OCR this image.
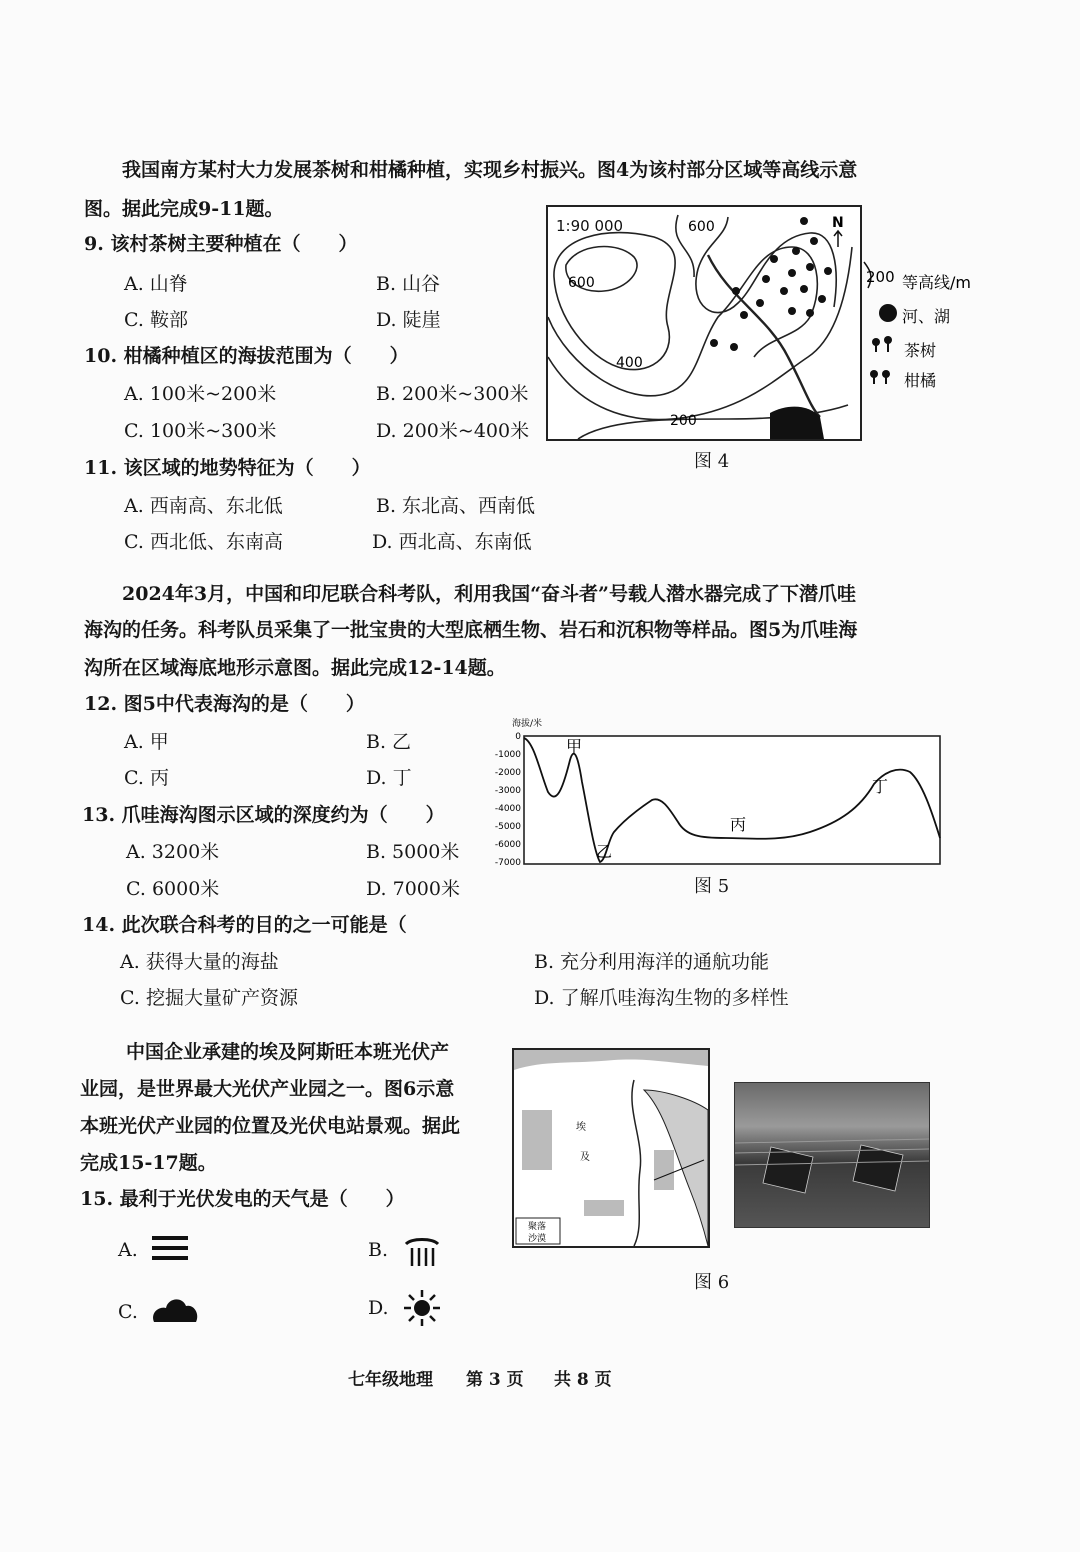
我国南方某村大力发展茶树和柑橘种植，实现乡村振兴。图4为该村部分区域等高线示意
图。据此完成9-11题。
9. 该村茶树主要种植在（　　）
A. 山脊	B. 山谷
C. 鞍部	D. 陡崖
10. 柑橘种植区的海拔范围为（　　）
A. 100米~200米	B. 200米~300米
C. 100米~300米	D. 200米~400米
11. 该区域的地势特征为（　　）
A. 西南高、东北低	B. 东北高、西南低
C. 西北低、东南高	D. 西北高、东南低
1:90 000	600
600
400
200
N
200 等高线/m
河、湖
茶树
柑橘
图 4
2024年3月，中国和印尼联合科考队，利用我国“奋斗者”号载人潜水器完成了下潜爪哇
海沟的任务。科考队员采集了一批宝贵的大型底栖生物、岩石和沉积物等样品。图5为爪哇海
沟所在区域海底地形示意图。据此完成12-14题。
12. 图5中代表海沟的是（　　）
A. 甲	B. 乙
C. 丙	D. 丁
13. 爪哇海沟图示区域的深度约为（　　）
A. 3200米	B. 5000米
C. 6000米	D. 7000米
14. 此次联合科考的目的之一可能是（
A. 获得大量的海盐	B. 充分利用海洋的通航功能
C. 挖掘大量矿产资源	D. 了解爪哇海沟生物的多样性
海拔/米
0
-1000
-2000
-3000
-4000
-5000
-6000
-7000
甲
乙
丙
丁
图 5
中国企业承建的埃及阿斯旺本班光伏产
业园，是世界最大光伏产业园之一。图6示意
本班光伏产业园的位置及光伏电站景观。据此
完成15-17题。
15. 最利于光伏发电的天气是（　　）
A.	B.
C.	D.
埃
及
聚落
沙漠
图 6
七年级地理 第 3 页 共 8 页
